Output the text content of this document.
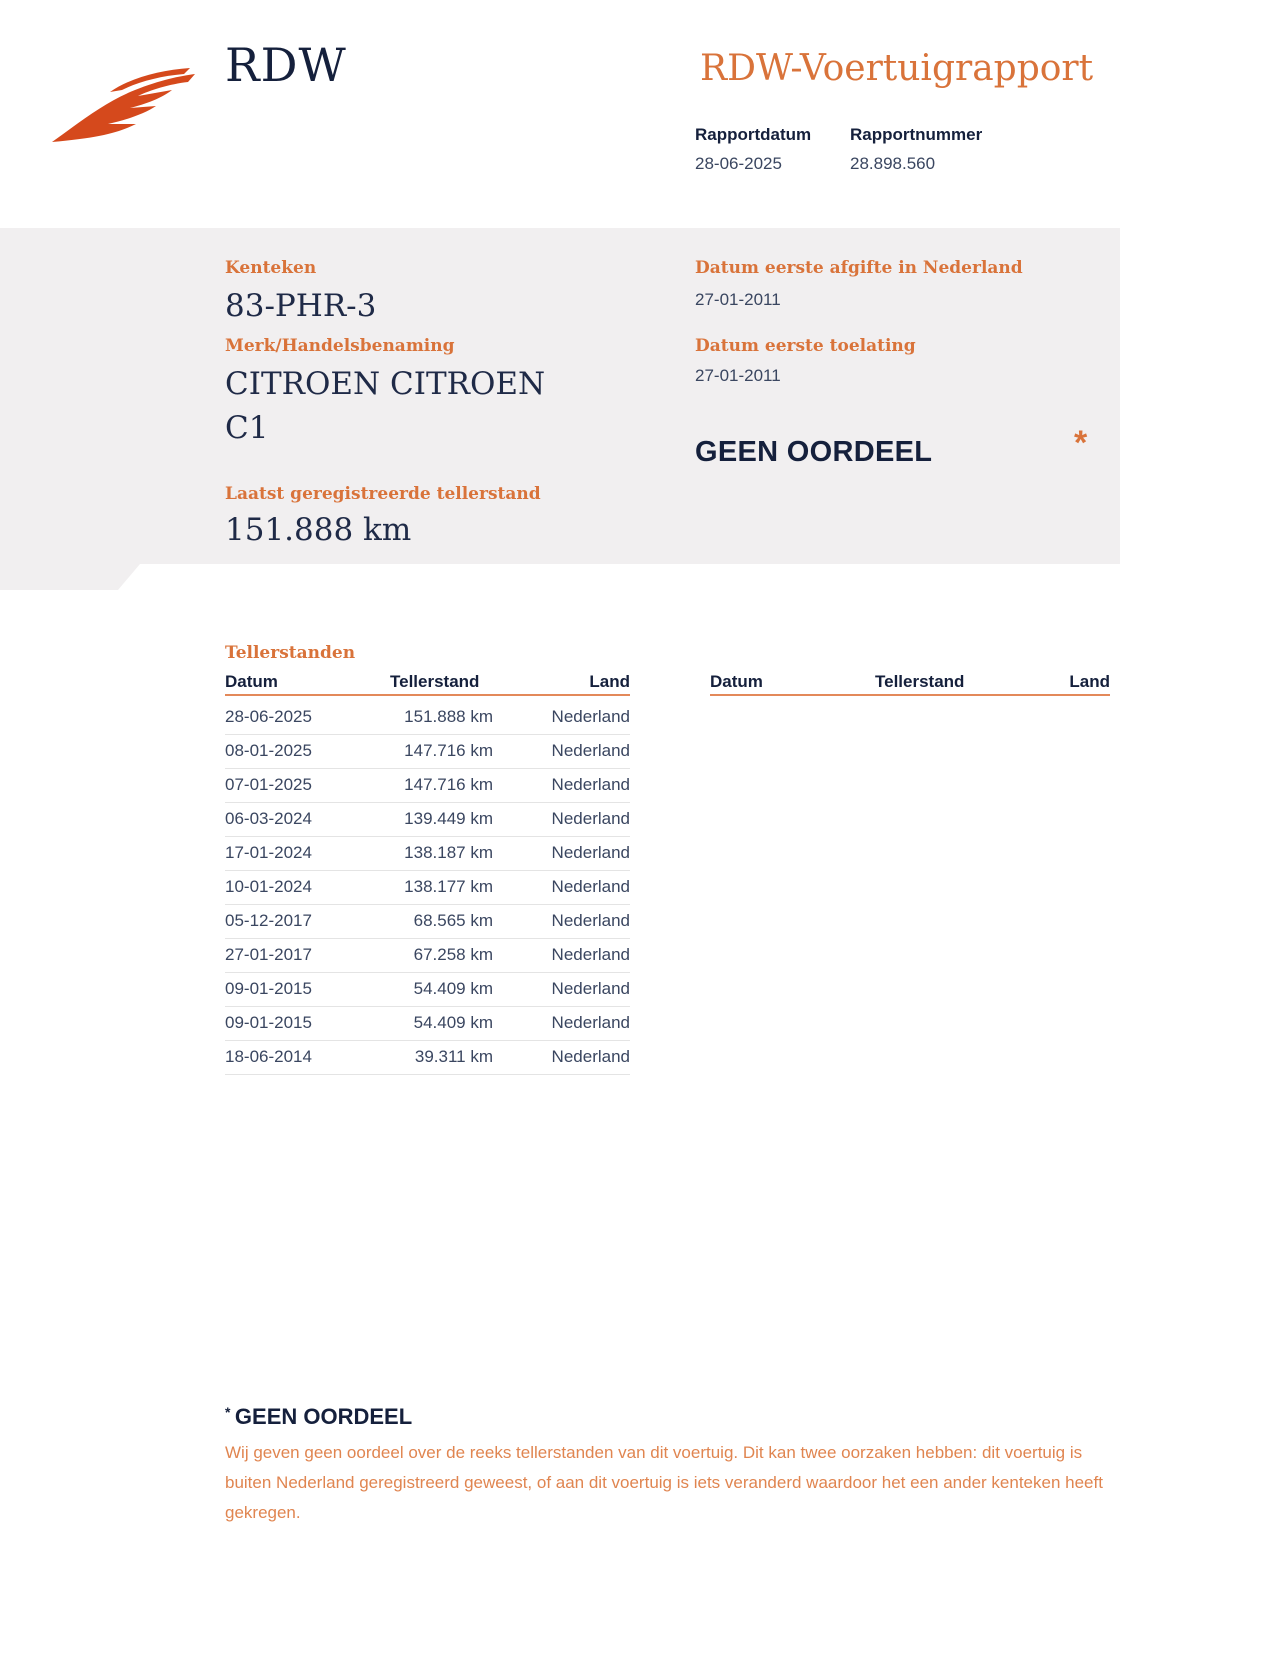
RDW	RDW-Voertuigrapport
Rapportdatum
28-06-2025
Rapportnummer
28.898.560
Kenteken
83-PHR-3
Merk/Handelsbenaming
CITROEN CITROEN
C1
Laatst geregistreerde tellerstand
151.888 km
Datum eerste afgifte in Nederland
27-01-2011
Datum eerste toelating
27-01-2011
GEEN OORDEEL	*
Tellerstanden
Datum	Tellerstand	Land
28-06-2025	151.888 km	Nederland
08-01-2025	147.716 km	Nederland
07-01-2025	147.716 km	Nederland
06-03-2024	139.449 km	Nederland
17-01-2024	138.187 km	Nederland
10-01-2024	138.177 km	Nederland
05-12-2017	68.565 km	Nederland
27-01-2017	67.258 km	Nederland
09-01-2015	54.409 km	Nederland
09-01-2015	54.409 km	Nederland
18-06-2014	39.311 km	Nederland
Datum	Tellerstand	Land
* GEEN OORDEEL
Wij geven geen oordeel over de reeks tellerstanden van dit voertuig. Dit kan twee oorzaken hebben: dit voertuig is buiten Nederland geregistreerd geweest, of aan dit voertuig is iets veranderd waardoor het een ander kenteken heeft gekregen.
